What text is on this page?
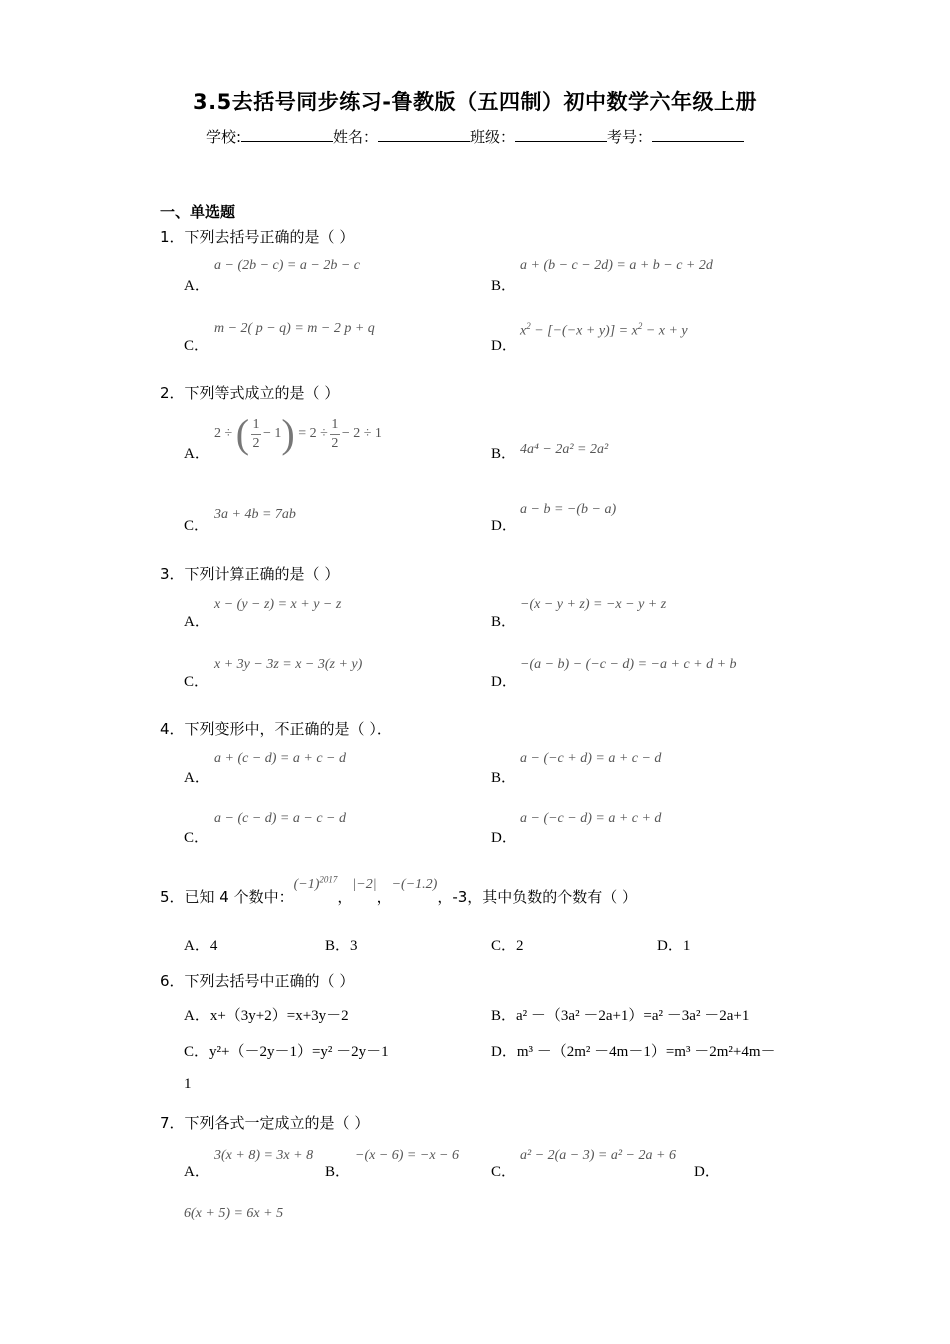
3.5去括号同步练习-鲁教版（五四制）初中数学六年级上册
学校:	姓名：	班级：	考号：
一、单选题
1．下列去括号正确的是（ ）
A．
a − (2b − c) = a − 2b − c
B．
a + (b − c − 2d) = a + b − c + 2d
C．
m − 2( p − q) = m − 2 p + q
D．
$x^2 - [-(-x + y)] = x^2 - x + y$
2．下列等式成立的是（ ）
A．
2 ÷ ( $\frac{1}{2} - 1) = 2 \div \frac{1}{2} - 2 \div 1$
B． 4a⁴ − 2a² = 2a²
C．
3a + 4b = 7ab
D．
a − b = −(b − a)
3．下列计算正确的是（ ）
A．
x − (y − z) = x + y − z
B．
−(x − y + z) = −x − y + z
C．
x + 3y − 3z = x − 3(z + y)
D．
−(a − b) − (−c − d) = −a + c + d + b
4．下列变形中，不正确的是（ ）．
A．
a + (c − d) = a + c − d
B．
a − (−c + d) = a + c − d
C．
a − (c − d) = a − c − d
D．
a − (−c − d) = a + c + d
5．已知 4 个数中：$(-1)^{2017}$，|−2|，−(−1.2)，-3，其中负数的个数有（ ）
A．4	B．3	C．2	D．1
6．下列去括号中正确的（ ）
A．x+（3y+2）=x+3y－2	B．a² －（3a² －2a+1）=a² －3a² －2a+1
C．y²+（－2y－1）=y² －2y－1	D．m³ －（2m² －4m－1）=m³ －2m²+4m－
1
7．下列各式一定成立的是（ ）
A．
3(x + 8) = 3x + 8
B．
−(x − 6) = −x − 6
C．
a² − 2(a − 3) = a² − 2a + 6
D．
6(x + 5) = 6x + 5
